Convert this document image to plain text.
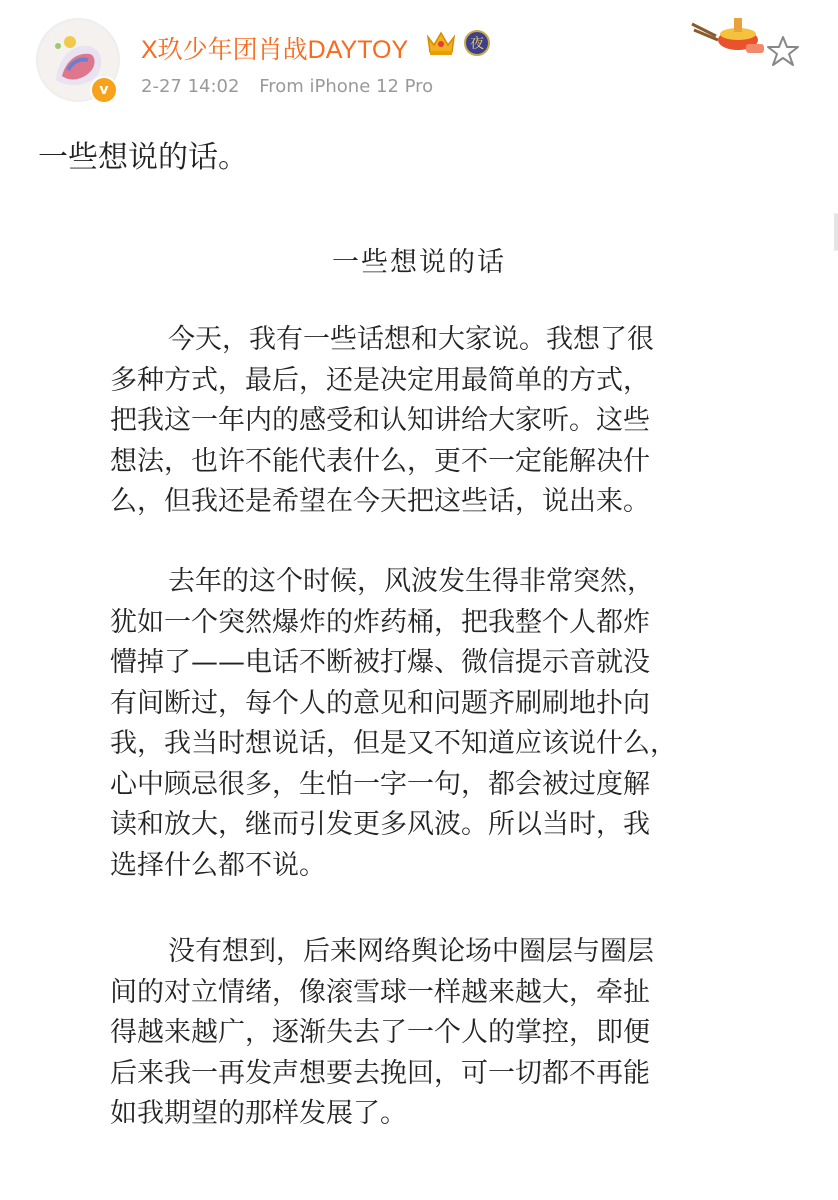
v
X玖少年团肖战DAYTOY	夜
2-27 14:02 From iPhone 12 Pro
一些想说的话。
一些想说的话
今天，我有一些话想和大家说。我想了很
多种方式，最后，还是决定用最简单的方式，
把我这一年内的感受和认知讲给大家听。这些
想法，也许不能代表什么，更不一定能解决什
么，但我还是希望在今天把这些话，说出来。
去年的这个时候，风波发生得非常突然，
犹如一个突然爆炸的炸药桶，把我整个人都炸
懵掉了——电话不断被打爆、微信提示音就没
有间断过，每个人的意见和问题齐刷刷地扑向
我，我当时想说话，但是又不知道应该说什么，
心中顾忌很多，生怕一字一句，都会被过度解
读和放大，继而引发更多风波。所以当时，我
选择什么都不说。
没有想到，后来网络舆论场中圈层与圈层
间的对立情绪，像滚雪球一样越来越大，牵扯
得越来越广，逐渐失去了一个人的掌控，即便
后来我一再发声想要去挽回，可一切都不再能
如我期望的那样发展了。
